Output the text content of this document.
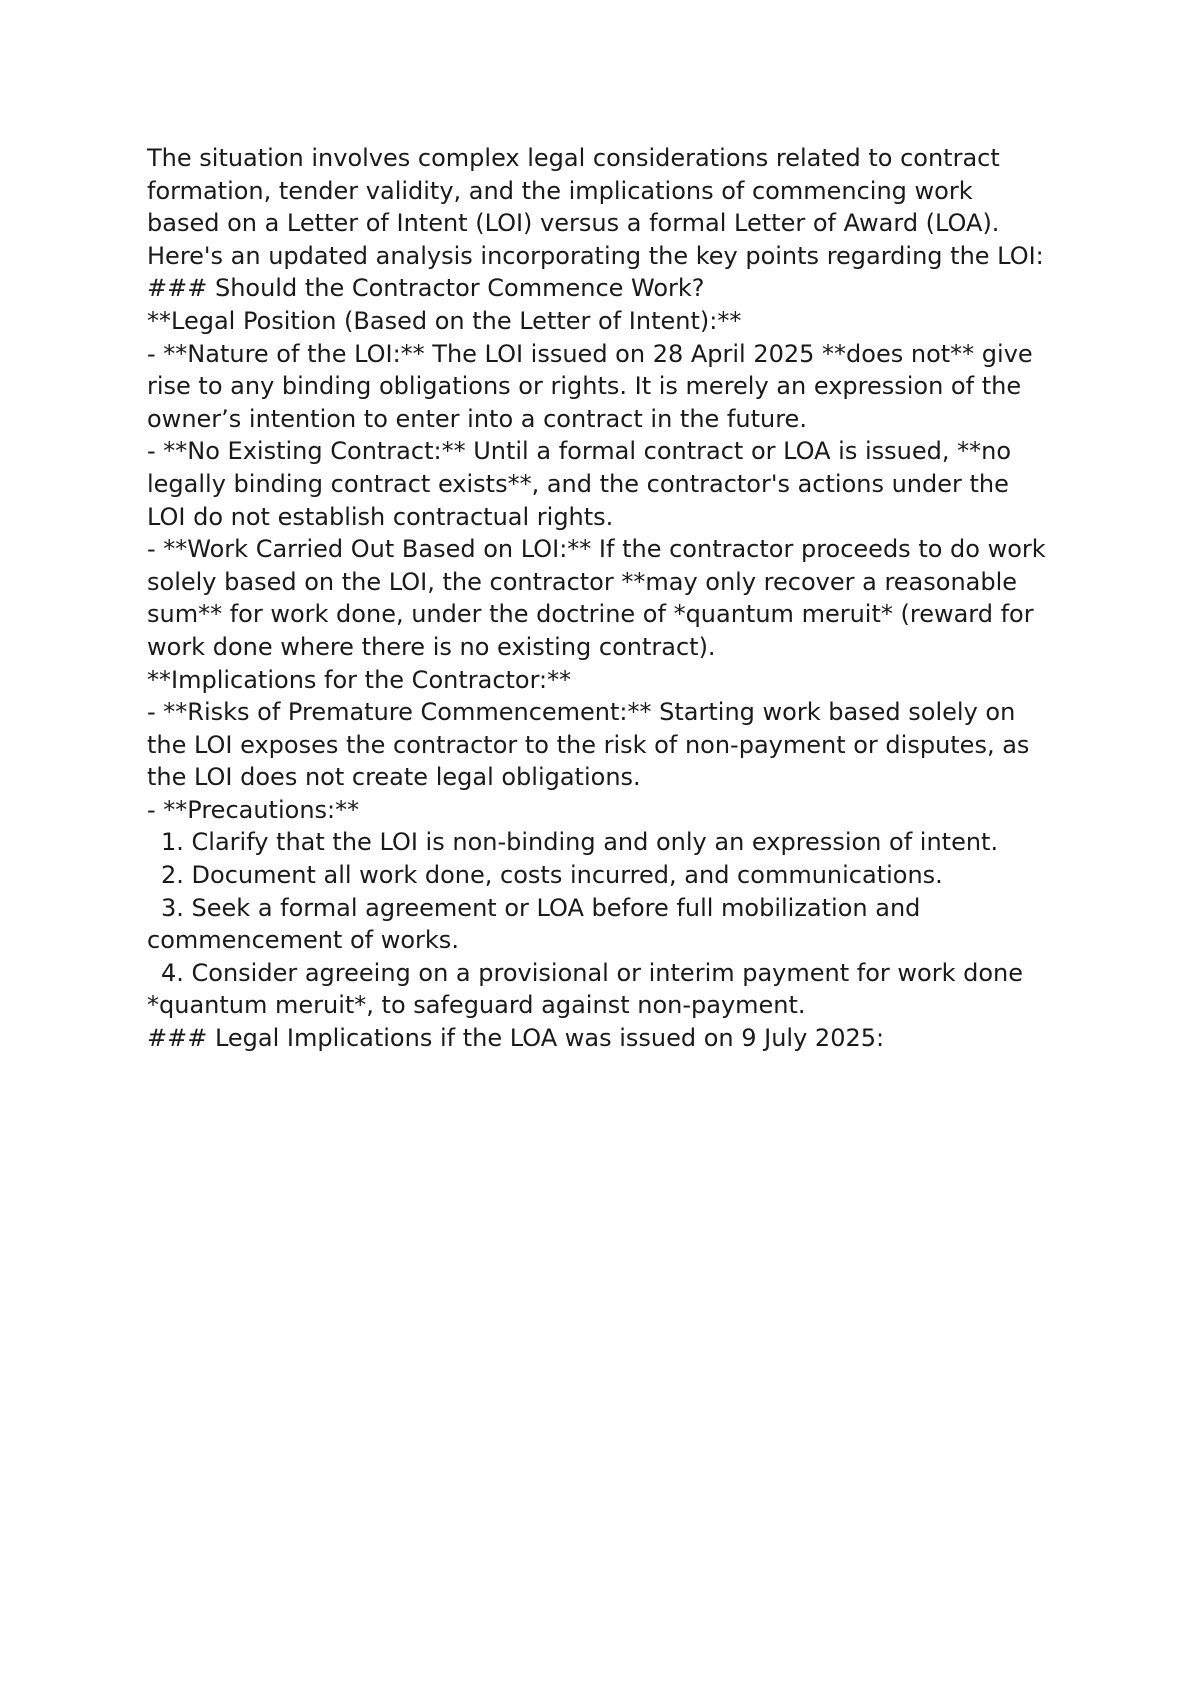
The situation involves complex legal considerations related to contract
formation, tender validity, and the implications of commencing work
based on a Letter of Intent (LOI) versus a formal Letter of Award (LOA).
Here's an updated analysis incorporating the key points regarding the LOI:

### Should the Contractor Commence Work?

**Legal Position (Based on the Letter of Intent):**

- **Nature of the LOI:** The LOI issued on 28 April 2025 **does not** give
rise to any binding obligations or rights. It is merely an expression of the
owner’s intention to enter into a contract in the future.

- **No Existing Contract:** Until a formal contract or LOA is issued, **no
legally binding contract exists**, and the contractor's actions under the
LOI do not establish contractual rights.

- **Work Carried Out Based on LOI:** If the contractor proceeds to do work
solely based on the LOI, the contractor **may only recover a reasonable
sum** for work done, under the doctrine of *quantum meruit* (reward for
work done where there is no existing contract).

**Implications for the Contractor:**

- **Risks of Premature Commencement:** Starting work based solely on
the LOI exposes the contractor to the risk of non-payment or disputes, as
the LOI does not create legal obligations.

- **Precautions:**

1. Clarify that the LOI is non-binding and only an expression of intent.

2. Document all work done, costs incurred, and communications.

3. Seek a formal agreement or LOA before full mobilization and
commencement of works.

4. Consider agreeing on a provisional or interim payment for work done
*quantum meruit*, to safeguard against non-payment.

### Legal Implications if the LOA was issued on 9 July 2025:
